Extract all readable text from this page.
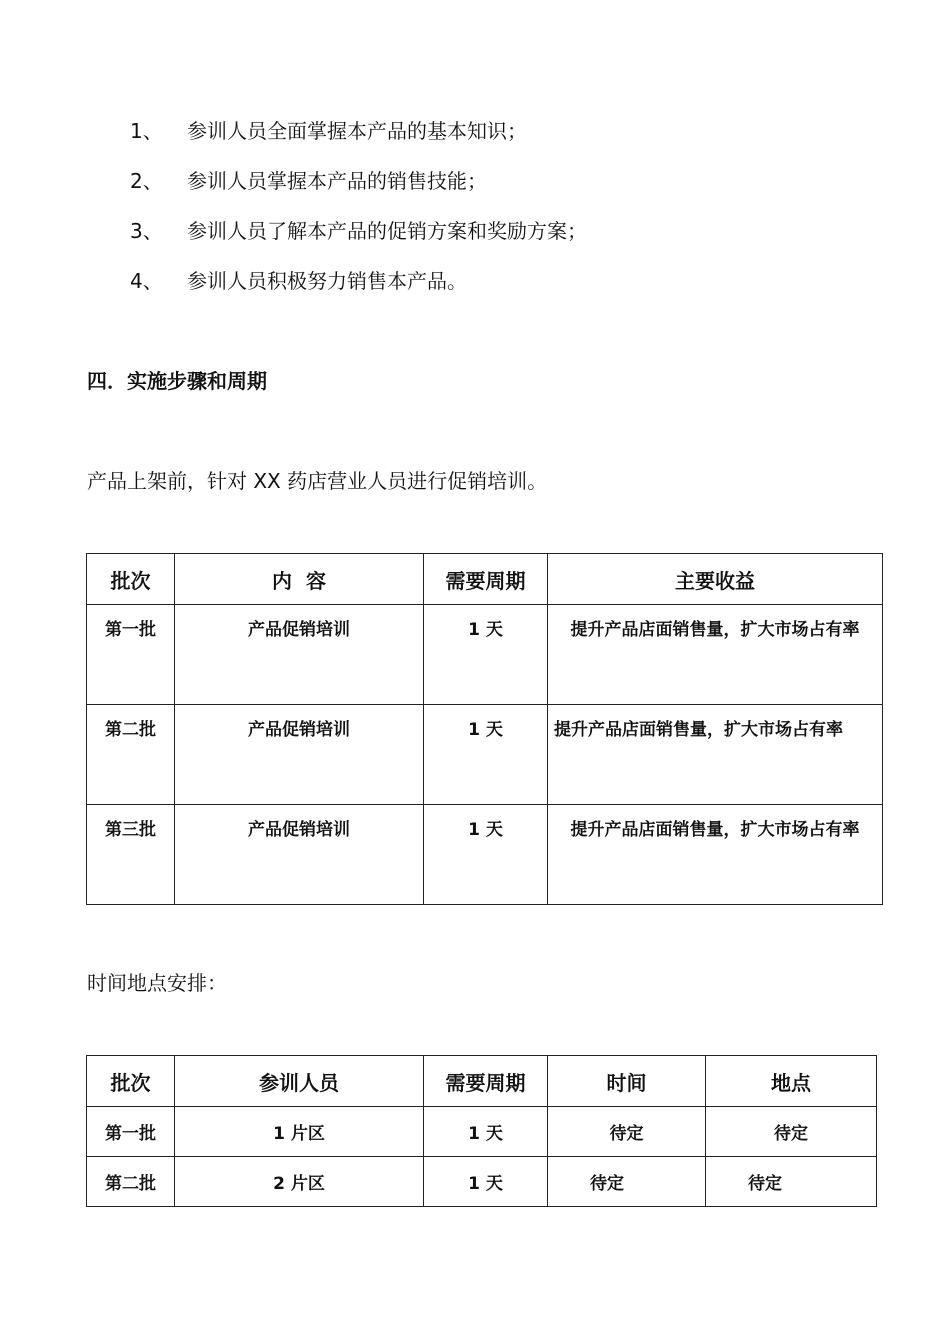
1、 参训人员全面掌握本产品的基本知识；
2、 参训人员掌握本产品的销售技能；
3、 参训人员了解本产品的促销方案和奖励方案；
4、 参训人员积极努力销售本产品。
四．实施步骤和周期
产品上架前，针对 XX 药店营业人员进行促销培训。
批次	内  容	需要周期	主要收益
第一批	产品促销培训	1 天	提升产品店面销售量，扩大市场占有率
第二批	产品促销培训	1 天	提升产品店面销售量，扩大市场占有率
第三批	产品促销培训	1 天	提升产品店面销售量，扩大市场占有率
时间地点安排：
批次	参训人员	需要周期	时间	地点
第一批	1 片区	1 天	待定	待定
第二批	2 片区	1 天	待定	待定
